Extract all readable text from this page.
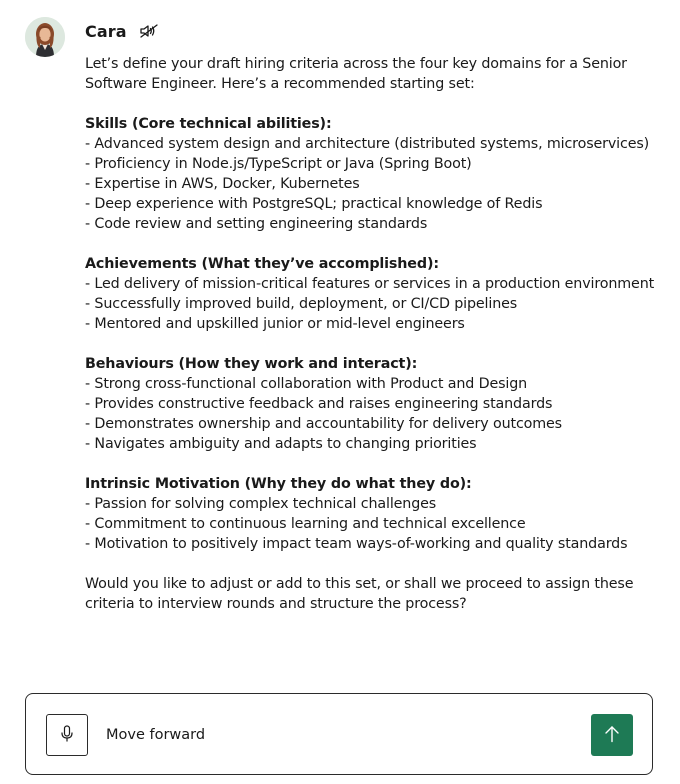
Cara

Let’s define your draft hiring criteria across the four key domains for a Senior Software Engineer. Here’s a recommended starting set:

Skills (Core technical abilities):

- Advanced system design and architecture (distributed systems, microservices)

- Proficiency in Node.js/TypeScript or Java (Spring Boot)

- Expertise in AWS, Docker, Kubernetes

- Deep experience with PostgreSQL; practical knowledge of Redis

- Code review and setting engineering standards

Achievements (What they’ve accomplished):

- Led delivery of mission-critical features or services in a production environment

- Successfully improved build, deployment, or CI/CD pipelines

- Mentored and upskilled junior or mid-level engineers

Behaviours (How they work and interact):

- Strong cross-functional collaboration with Product and Design

- Provides constructive feedback and raises engineering standards

- Demonstrates ownership and accountability for delivery outcomes

- Navigates ambiguity and adapts to changing priorities

Intrinsic Motivation (Why they do what they do):

- Passion for solving complex technical challenges

- Commitment to continuous learning and technical excellence

- Motivation to positively impact team ways-of-working and quality standards

Would you like to adjust or add to this set, or shall we proceed to assign these criteria to interview rounds and structure the process?

Move forward
